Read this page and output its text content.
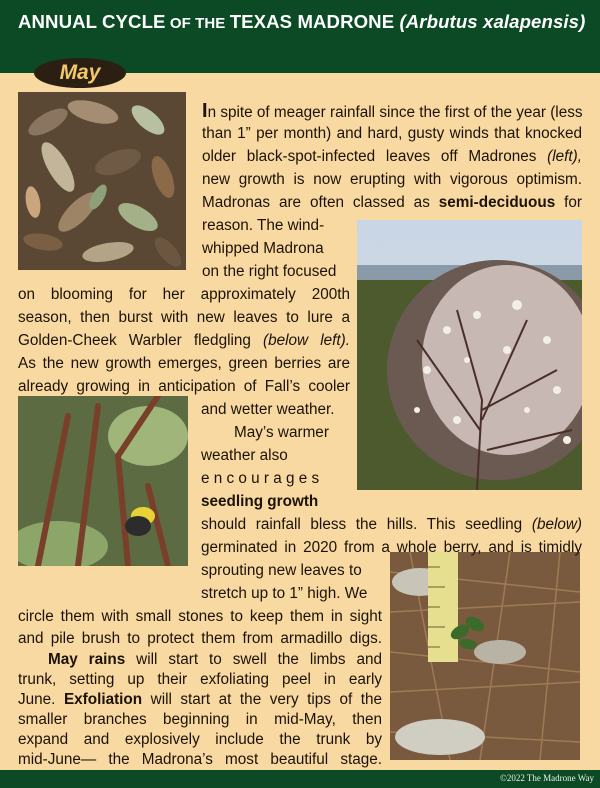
ANNUAL CYCLE OF THE TEXAS MADRONE (Arbutus xalapensis)
May
In spite of meager rainfall since the first of the year (less
than 1” per month) and hard, gusty winds that knocked
older black-spot-infected leaves off Madrones (left),
new growth is now erupting with vigorous optimism.
Madronas are often classed as semi-deciduous for
reason. The wind-
whipped Madrona
on the right focused
on blooming for her approximately 200th
season, then burst with new leaves to lure a
Golden-Cheek Warbler fledgling (below left).
As the new growth emerges, green berries are
already growing in anticipation of Fall’s cooler
and wetter weather.
May’s warmer
weather also
e n c o u r a g e s
seedling growth
should rainfall bless the hills. This seedling (below)
germinated in 2020 from a whole berry, and is timidly
sprouting new leaves to
stretch up to 1” high. We
circle them with small stones to keep them in sight
and pile brush to protect them from armadillo digs.
May rains will start to swell the limbs and
trunk, setting up their exfoliating peel in early
June. Exfoliation will start at the very tips of the
smaller branches beginning in mid-May, then
expand and explosively include the trunk by
©2022 The Madrone Way
mid-June— the Madrona’s most beautiful stage.
